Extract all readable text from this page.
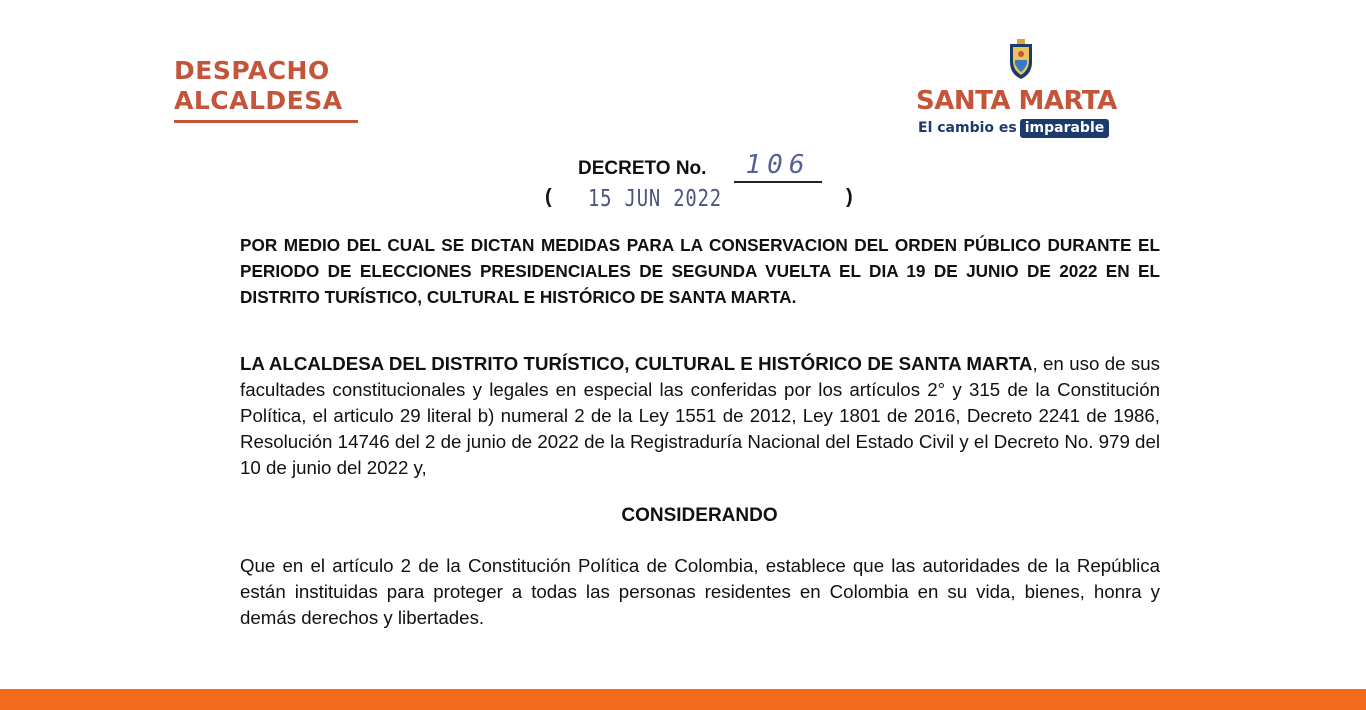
DESPACHO
ALCALDESA	SANTA MARTA
El cambio es imparable
DECRETO No.	106
( 15 JUN 2022	)
POR MEDIO DEL CUAL SE DICTAN MEDIDAS PARA LA CONSERVACION DEL ORDEN PÚBLICO DURANTE EL PERIODO DE ELECCIONES PRESIDENCIALES DE SEGUNDA VUELTA EL DIA 19 DE JUNIO DE 2022 EN EL DISTRITO TURÍSTICO, CULTURAL E HISTÓRICO DE SANTA MARTA.
LA ALCALDESA DEL DISTRITO TURÍSTICO, CULTURAL E HISTÓRICO DE SANTA MARTA, en uso de sus facultades constitucionales y legales en especial las conferidas por los artículos 2° y 315 de la Constitución Política, el articulo 29 literal b) numeral 2 de la Ley 1551 de 2012, Ley 1801 de 2016, Decreto 2241 de 1986, Resolución 14746 del 2 de junio de 2022 de la Registraduría Nacional del Estado Civil y el Decreto No. 979 del 10 de junio del 2022 y,
CONSIDERANDO
Que en el artículo 2 de la Constitución Política de Colombia, establece que las autoridades de la República están instituidas para proteger a todas las personas residentes en Colombia en su vida, bienes, honra y demás derechos y libertades.
